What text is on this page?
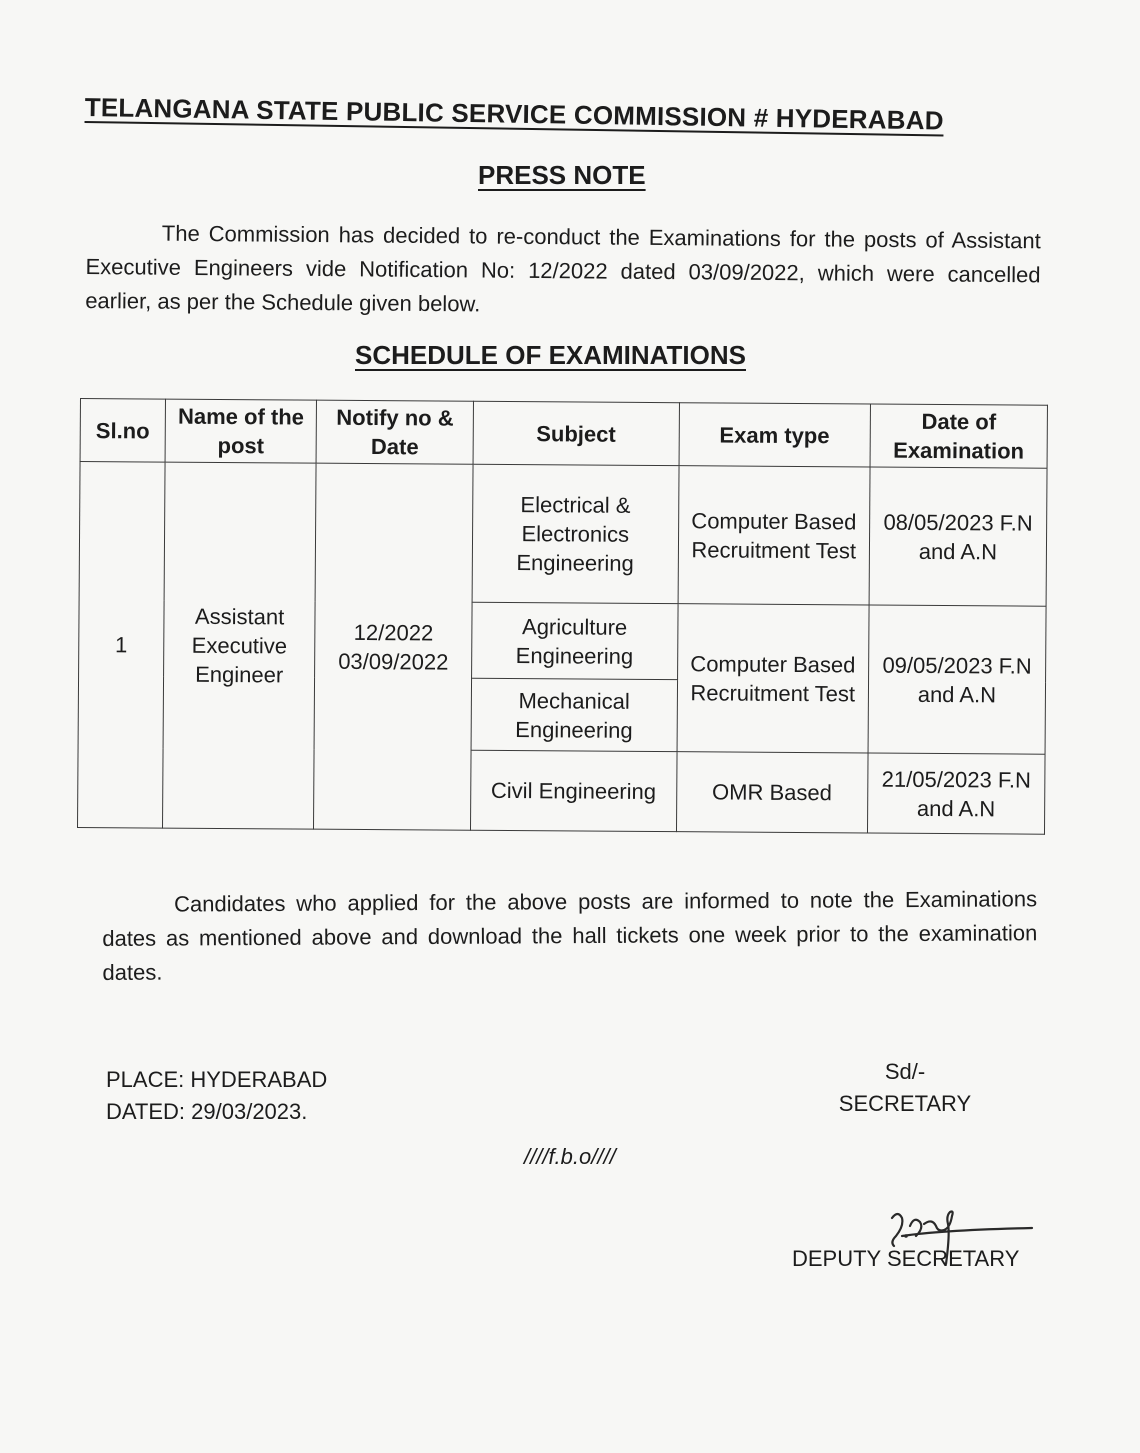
TELANGANA STATE PUBLIC SERVICE COMMISSION # HYDERABAD
PRESS NOTE
The Commission has decided to re-conduct the Examinations for the posts of Assistant Executive Engineers vide Notification No: 12/2022 dated 03/09/2022, which were cancelled earlier, as per the Schedule given below.
SCHEDULE OF EXAMINATIONS
Sl.no	Name of the post	Notify no & Date	Subject	Exam type	Date of Examination
1	Assistant Executive Engineer	12/2022 03/09/2022	Electrical & Electronics Engineering	Computer Based Recruitment Test	08/05/2023 F.N and A.N
			Agriculture Engineering	Computer Based Recruitment Test	09/05/2023 F.N and A.N
			Mechanical Engineering		
			Civil Engineering	OMR Based	21/05/2023 F.N and A.N
Candidates who applied for the above posts are informed to note the Examinations dates as mentioned above and download the hall tickets one week prior to the examination dates.
PLACE: HYDERABAD
DATED: 29/03/2023.
Sd/-
SECRETARY
////f.b.o////
DEPUTY SECRETARY
